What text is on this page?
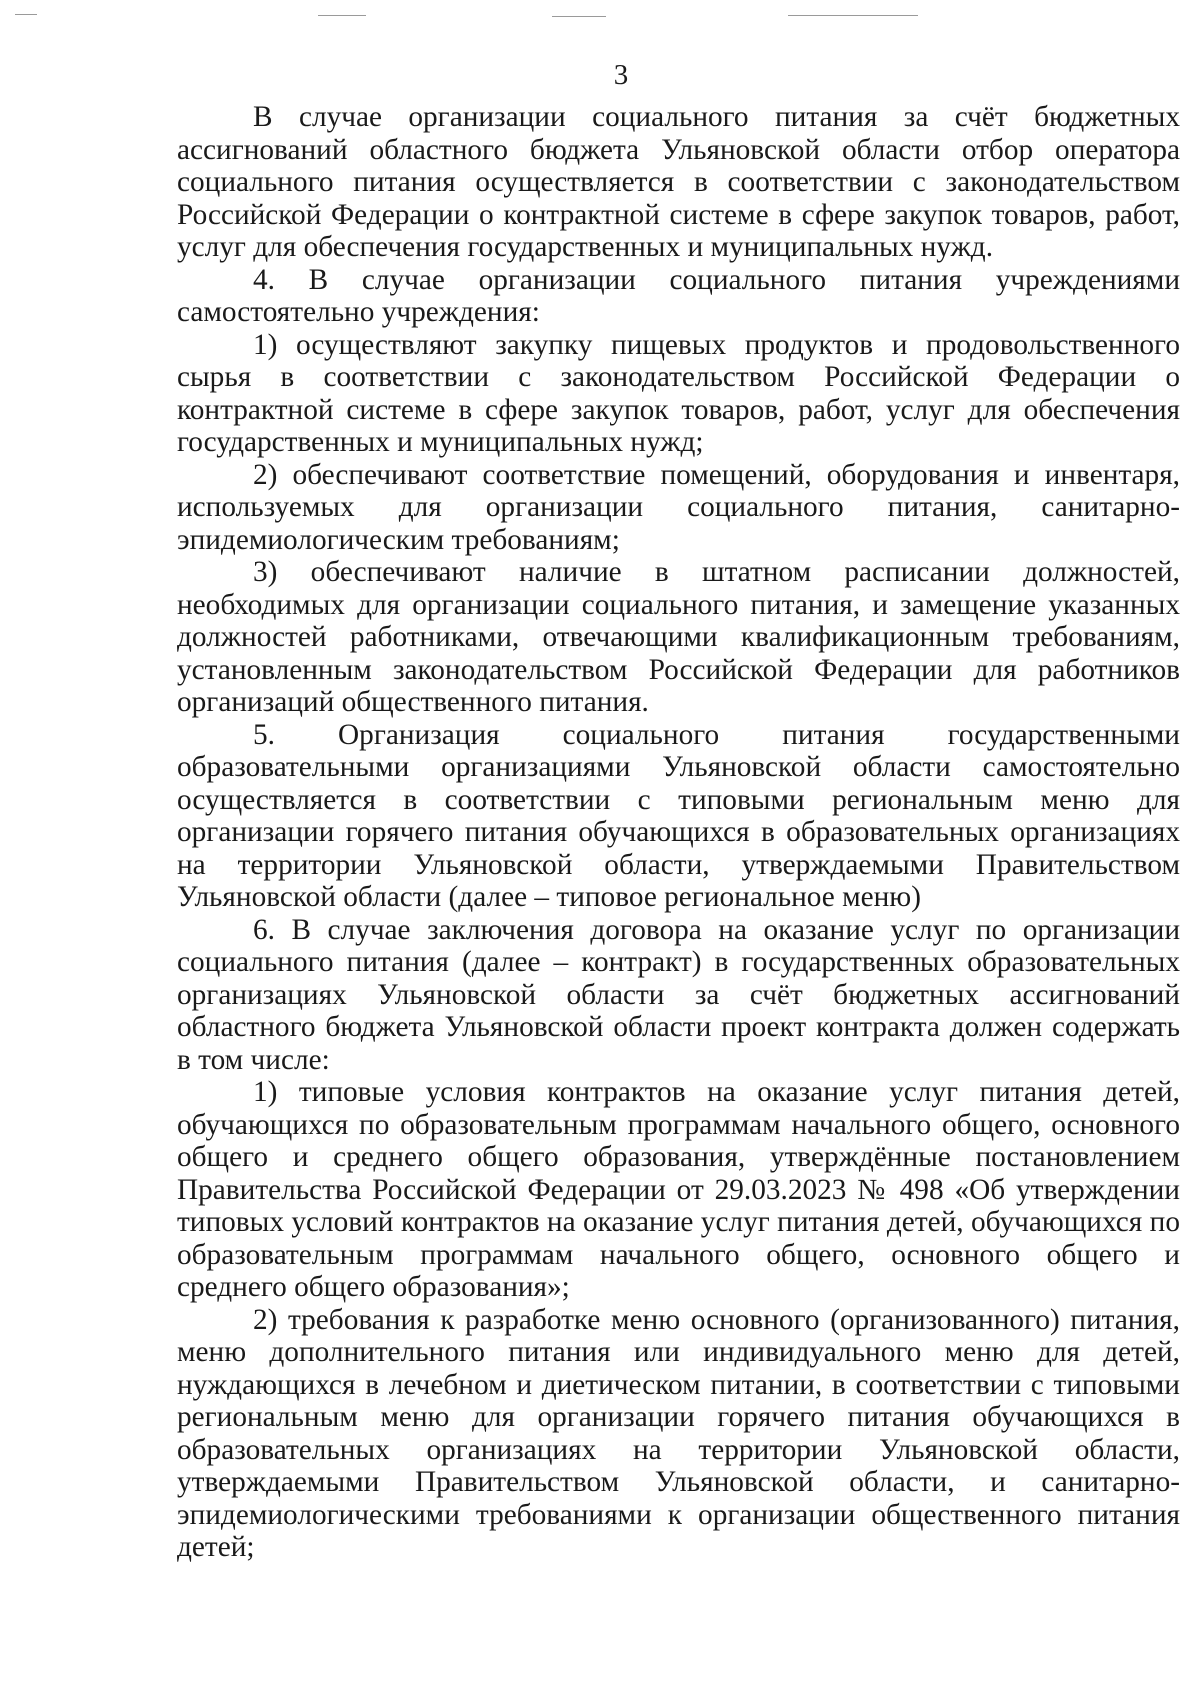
3

В случае организации социального питания за счёт бюджетных ассигнований областного бюджета Ульяновской области отбор оператора социального питания осуществляется в соответствии с законодательством Российской Федерации о контрактной системе в сфере закупок товаров, работ, услуг для обеспечения государственных и муниципальных нужд.

4. В случае организации социального питания учреждениями самостоятельно учреждения:

1) осуществляют закупку пищевых продуктов и продовольственного сырья в соответствии с законодательством Российской Федерации о контрактной системе в сфере закупок товаров, работ, услуг для обеспечения государственных и муниципальных нужд;

2) обеспечивают соответствие помещений, оборудования и инвентаря, используемых для организации социального питания, санитарно-эпидемиологическим требованиям;

3) обеспечивают наличие в штатном расписании должностей, необходимых для организации социального питания, и замещение указанных должностей работниками, отвечающими квалификационным требованиям, установленным законодательством Российской Федерации для работников организаций общественного питания.

5. Организация социального питания государственными образовательными организациями Ульяновской области самостоятельно осуществляется в соответствии с типовыми региональным меню для организации горячего питания обучающихся в образовательных организациях на территории Ульяновской области, утверждаемыми Правительством Ульяновской области (далее – типовое региональное меню)

6. В случае заключения договора на оказание услуг по организации социального питания (далее – контракт) в государственных образовательных организациях Ульяновской области за счёт бюджетных ассигнований областного бюджета Ульяновской области проект контракта должен содержать в том числе:

1) типовые условия контрактов на оказание услуг питания детей, обучающихся по образовательным программам начального общего, основного общего и среднего общего образования, утверждённые постановлением Правительства Российской Федерации от 29.03.2023 № 498 «Об утверждении типовых условий контрактов на оказание услуг питания детей, обучающихся по образовательным программам начального общего, основного общего и среднего общего образования»;

2) требования к разработке меню основного (организованного) питания, меню дополнительного питания или индивидуального меню для детей, нуждающихся в лечебном и диетическом питании, в соответствии с типовыми региональным меню для организации горячего питания обучающихся в образовательных организациях на территории Ульяновской области, утверждаемыми Правительством Ульяновской области, и санитарно-эпидемиологическими требованиями к организации общественного питания детей;
